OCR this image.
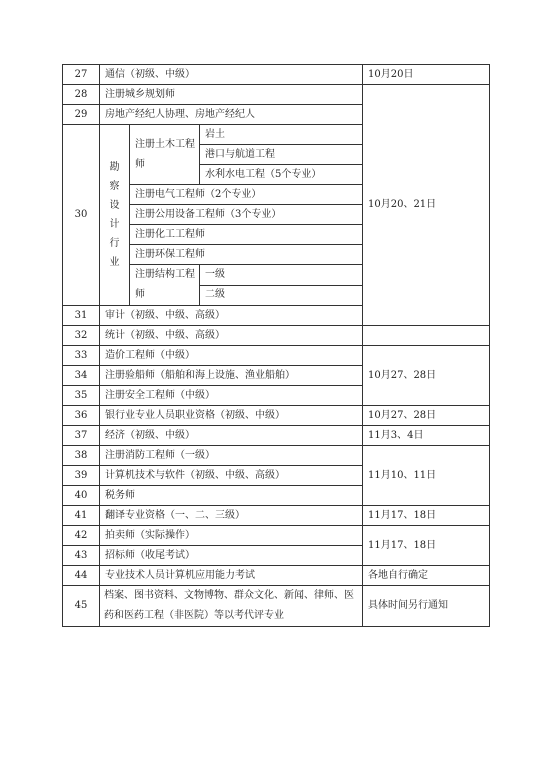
27	通信（初级、中级）			10月20日	
28	注册城乡规划师			10月20、21日	
29	房地产经纪人协理、房地产经纪人				
30	勘察设计行业	注册土木工程师	岩土		
			港口与航道工程		
			水利水电工程（5个专业）		
		注册电气工程师（2个专业）			
		注册公用设备工程师（3个专业）			
		注册化工工程师			
		注册环保工程师			
		注册结构工程师	一级		
			二级	
31	审计（初级、中级、高级）	
32	统计（初级、中级、高级）				
33	造价工程师（中级）			10月27、28日	
34	注册验船师（船舶和海上设施、渔业船舶）				
35	注册安全工程师（中级）				
36	银行业专业人员职业资格（初级、中级）			10月27、28日	
37	经济（初级、中级）			11月3、4日	
38	注册消防工程师（一级）			11月10、11日	
39	计算机技术与软件（初级、中级、高级）				
40	税务师				
41	翻译专业资格（一、二、三级）			11月17、18日	
42	拍卖师（实际操作）			11月17、18日	
43	招标师（收尾考试）				
44	专业技术人员计算机应用能力考试			各地自行确定	
45	档案、图书资料、文物博物、群众文化、新闻、律师、医药和医药工程（非医院）等以考代评专业			具体时间另行通知	
